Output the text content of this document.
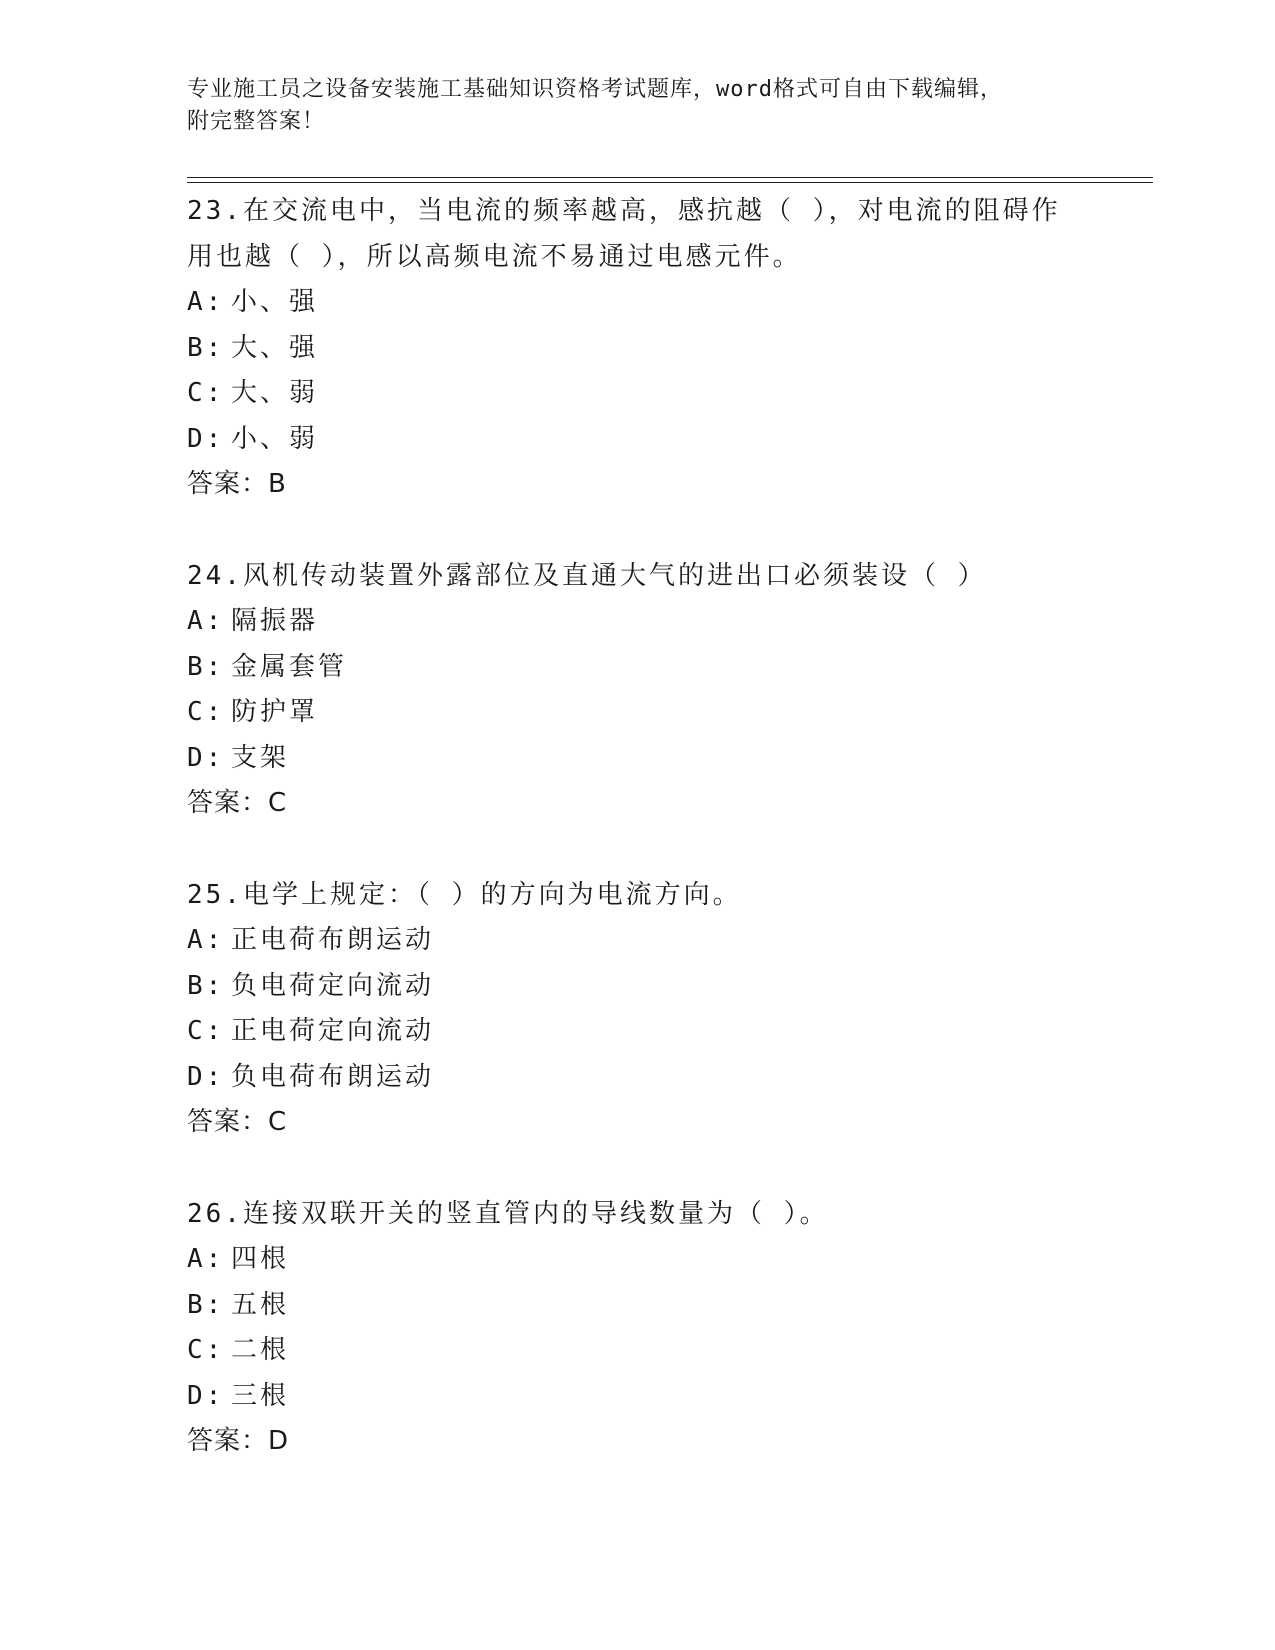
专业施工员之设备安装施工基础知识资格考试题库，word格式可自由下载编辑，
附完整答案！

23.在交流电中，当电流的频率越高，感抗越（ ），对电流的阻碍作

用也越（ ），所以高频电流不易通过电感元件。

A: 小、强

B: 大、强

C: 大、弱

D: 小、弱

答案：B

24.风机传动装置外露部位及直通大气的进出口必须装设（ ）

A: 隔振器

B: 金属套管

C: 防护罩

D: 支架

答案：C

25.电学上规定：（ ）的方向为电流方向。

A: 正电荷布朗运动

B: 负电荷定向流动

C: 正电荷定向流动

D: 负电荷布朗运动

答案：C

26.连接双联开关的竖直管内的导线数量为（ ）。

A: 四根

B: 五根

C: 二根

D: 三根

答案：D
